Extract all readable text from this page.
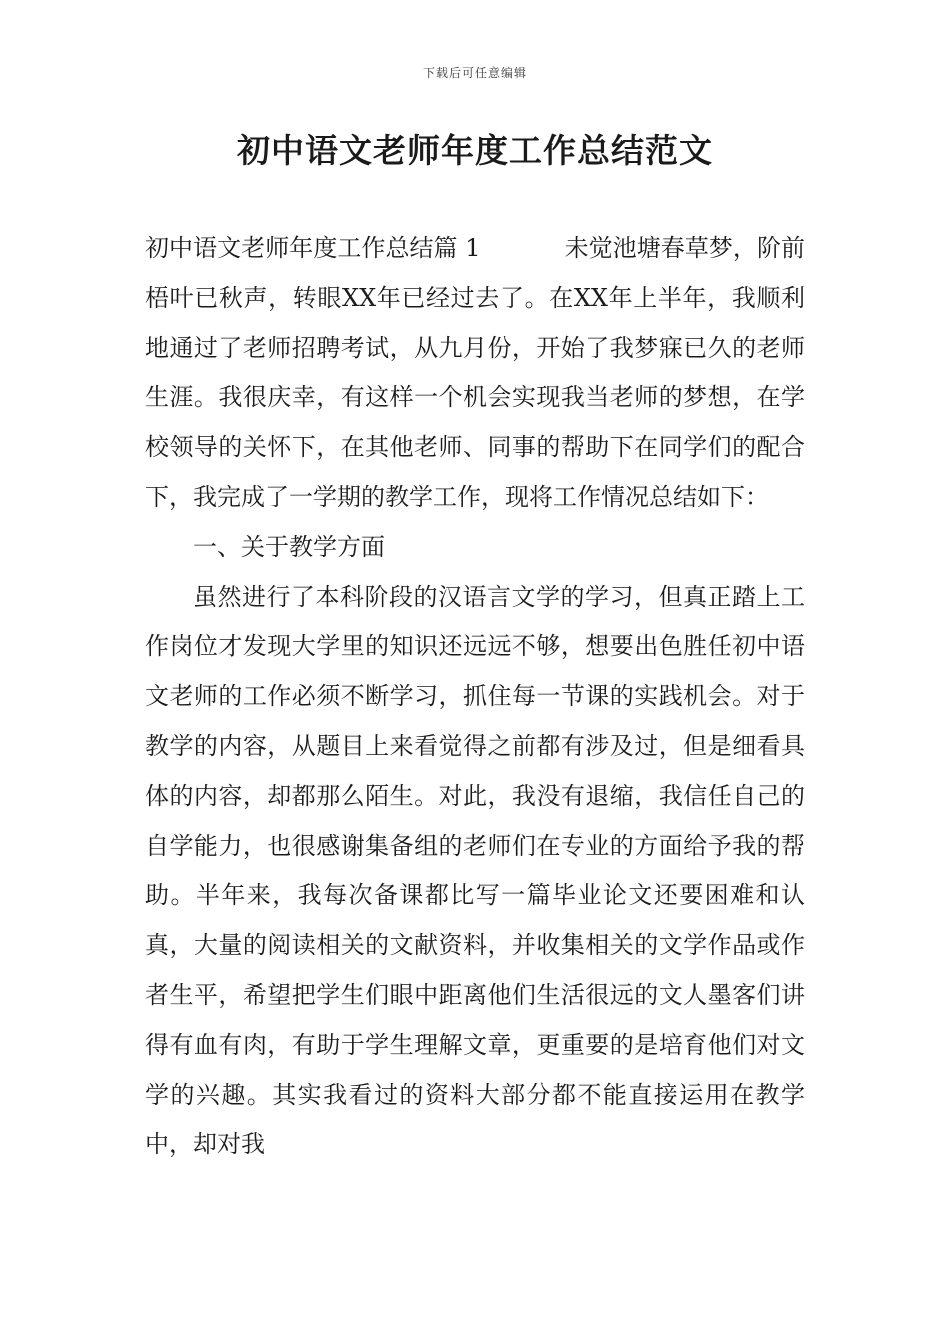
下载后可任意编辑
初中语文老师年度工作总结范文

初中语文老师年度工作总结篇 1	未觉池塘春草梦，阶前梧叶已秋声，转眼XX年已经过去了。在XX年上半年，我顺利地通过了老师招聘考试，从九月份，开始了我梦寐已久的老师生涯。我很庆幸，有这样一个机会实现我当老师的梦想，在学校领导的关怀下，在其他老师、同事的帮助下在同学们的配合下，我完成了一学期的教学工作，现将工作情况总结如下：

一、关于教学方面

虽然进行了本科阶段的汉语言文学的学习，但真正踏上工作岗位才发现大学里的知识还远远不够，想要出色胜任初中语文老师的工作必须不断学习，抓住每一节课的实践机会。对于教学的内容，从题目上来看觉得之前都有涉及过，但是细看具体的内容，却都那么陌生。对此，我没有退缩，我信任自己的自学能力，也很感谢集备组的老师们在专业的方面给予我的帮助。半年来，我每次备课都比写一篇毕业论文还要困难和认真，大量的阅读相关的文献资料，并收集相关的文学作品或作者生平，希望把学生们眼中距离他们生活很远的文人墨客们讲得有血有肉，有助于学生理解文章，更重要的是培育他们对文学的兴趣。其实我看过的资料大部分都不能直接运用在教学中，却对我
